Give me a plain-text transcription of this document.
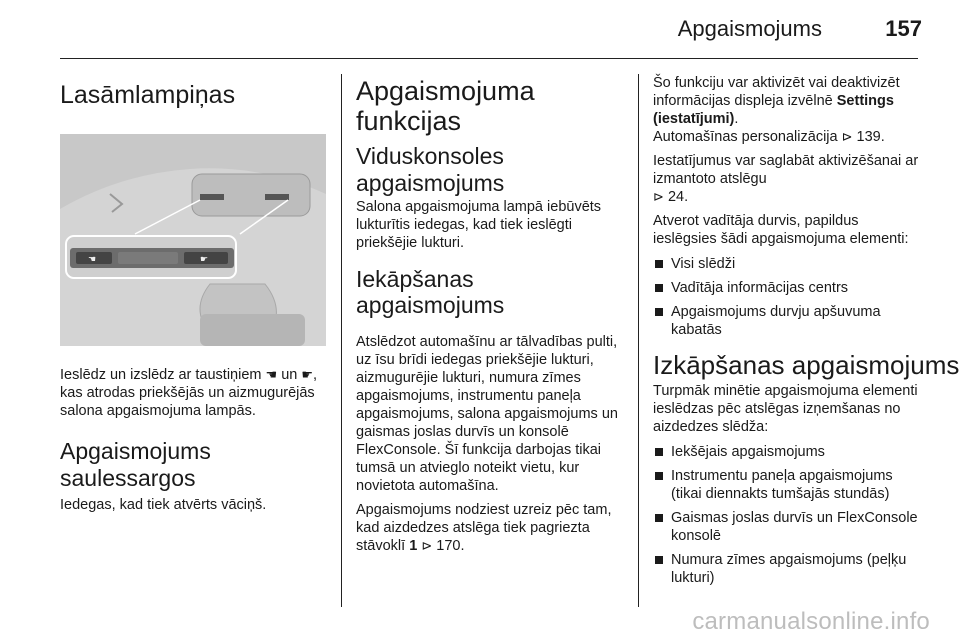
Apgaismojums	157
Lasāmlampiņas
☚	☛

Ieslēdz un izslēdz ar taustiņiem ☚ un ☛, kas atrodas priekšējās un aizmugurējās salona apgaismojuma lampās.

Apgaismojums saulessargos

Iedegas, kad tiek atvērts vāciņš.

Apgaismojuma funkcijas
Viduskonsoles apgaismojums

Salona apgaismojuma lampā iebūvēts lukturītis iedegas, kad tiek ieslēgti priekšējie lukturi.

Iekāpšanas apgaismojums

Atslēdzot automašīnu ar tālvadības pulti, uz īsu brīdi iedegas priekšējie lukturi, aizmugurējie lukturi, numura zīmes apgaismojums, instrumentu paneļa apgaismojums, salona apgaismojums un gaismas joslas durvīs un konsolē FlexConsole. Šī funkcija darbojas tikai tumsā un atvieglo noteikt vietu, kur novietota automašīna.

Apgaismojums nodziest uzreiz pēc tam, kad aizdedzes atslēga tiek pagriezta stāvoklī 1 ⊳ 170.

Šo funkciju var aktivizēt vai deaktivizēt informācijas displeja izvēlnē Settings (iestatījumi).
Automašīnas personalizācija ⊳ 139.

Iestatījumus var saglabāt aktivizēšanai ar izmantoto atslēgu
⊳ 24.

Atverot vadītāja durvis, papildus ieslēgsies šādi apgaismojuma elementi:

Visi slēdži
Vadītāja informācijas centrs
Apgaismojums durvju apšuvuma kabatās
Izkāpšanas apgaismojums

Turpmāk minētie apgaismojuma elementi ieslēdzas pēc atslēgas izņemšanas no aizdedzes slēdža:

Iekšējais apgaismojums
Instrumentu paneļa apgaismojums (tikai diennakts tumšajās stundās)
Gaismas joslas durvīs un FlexConsole konsolē
Numura zīmes apgaismojums (peļķu lukturi)
carmanualsonline.info
